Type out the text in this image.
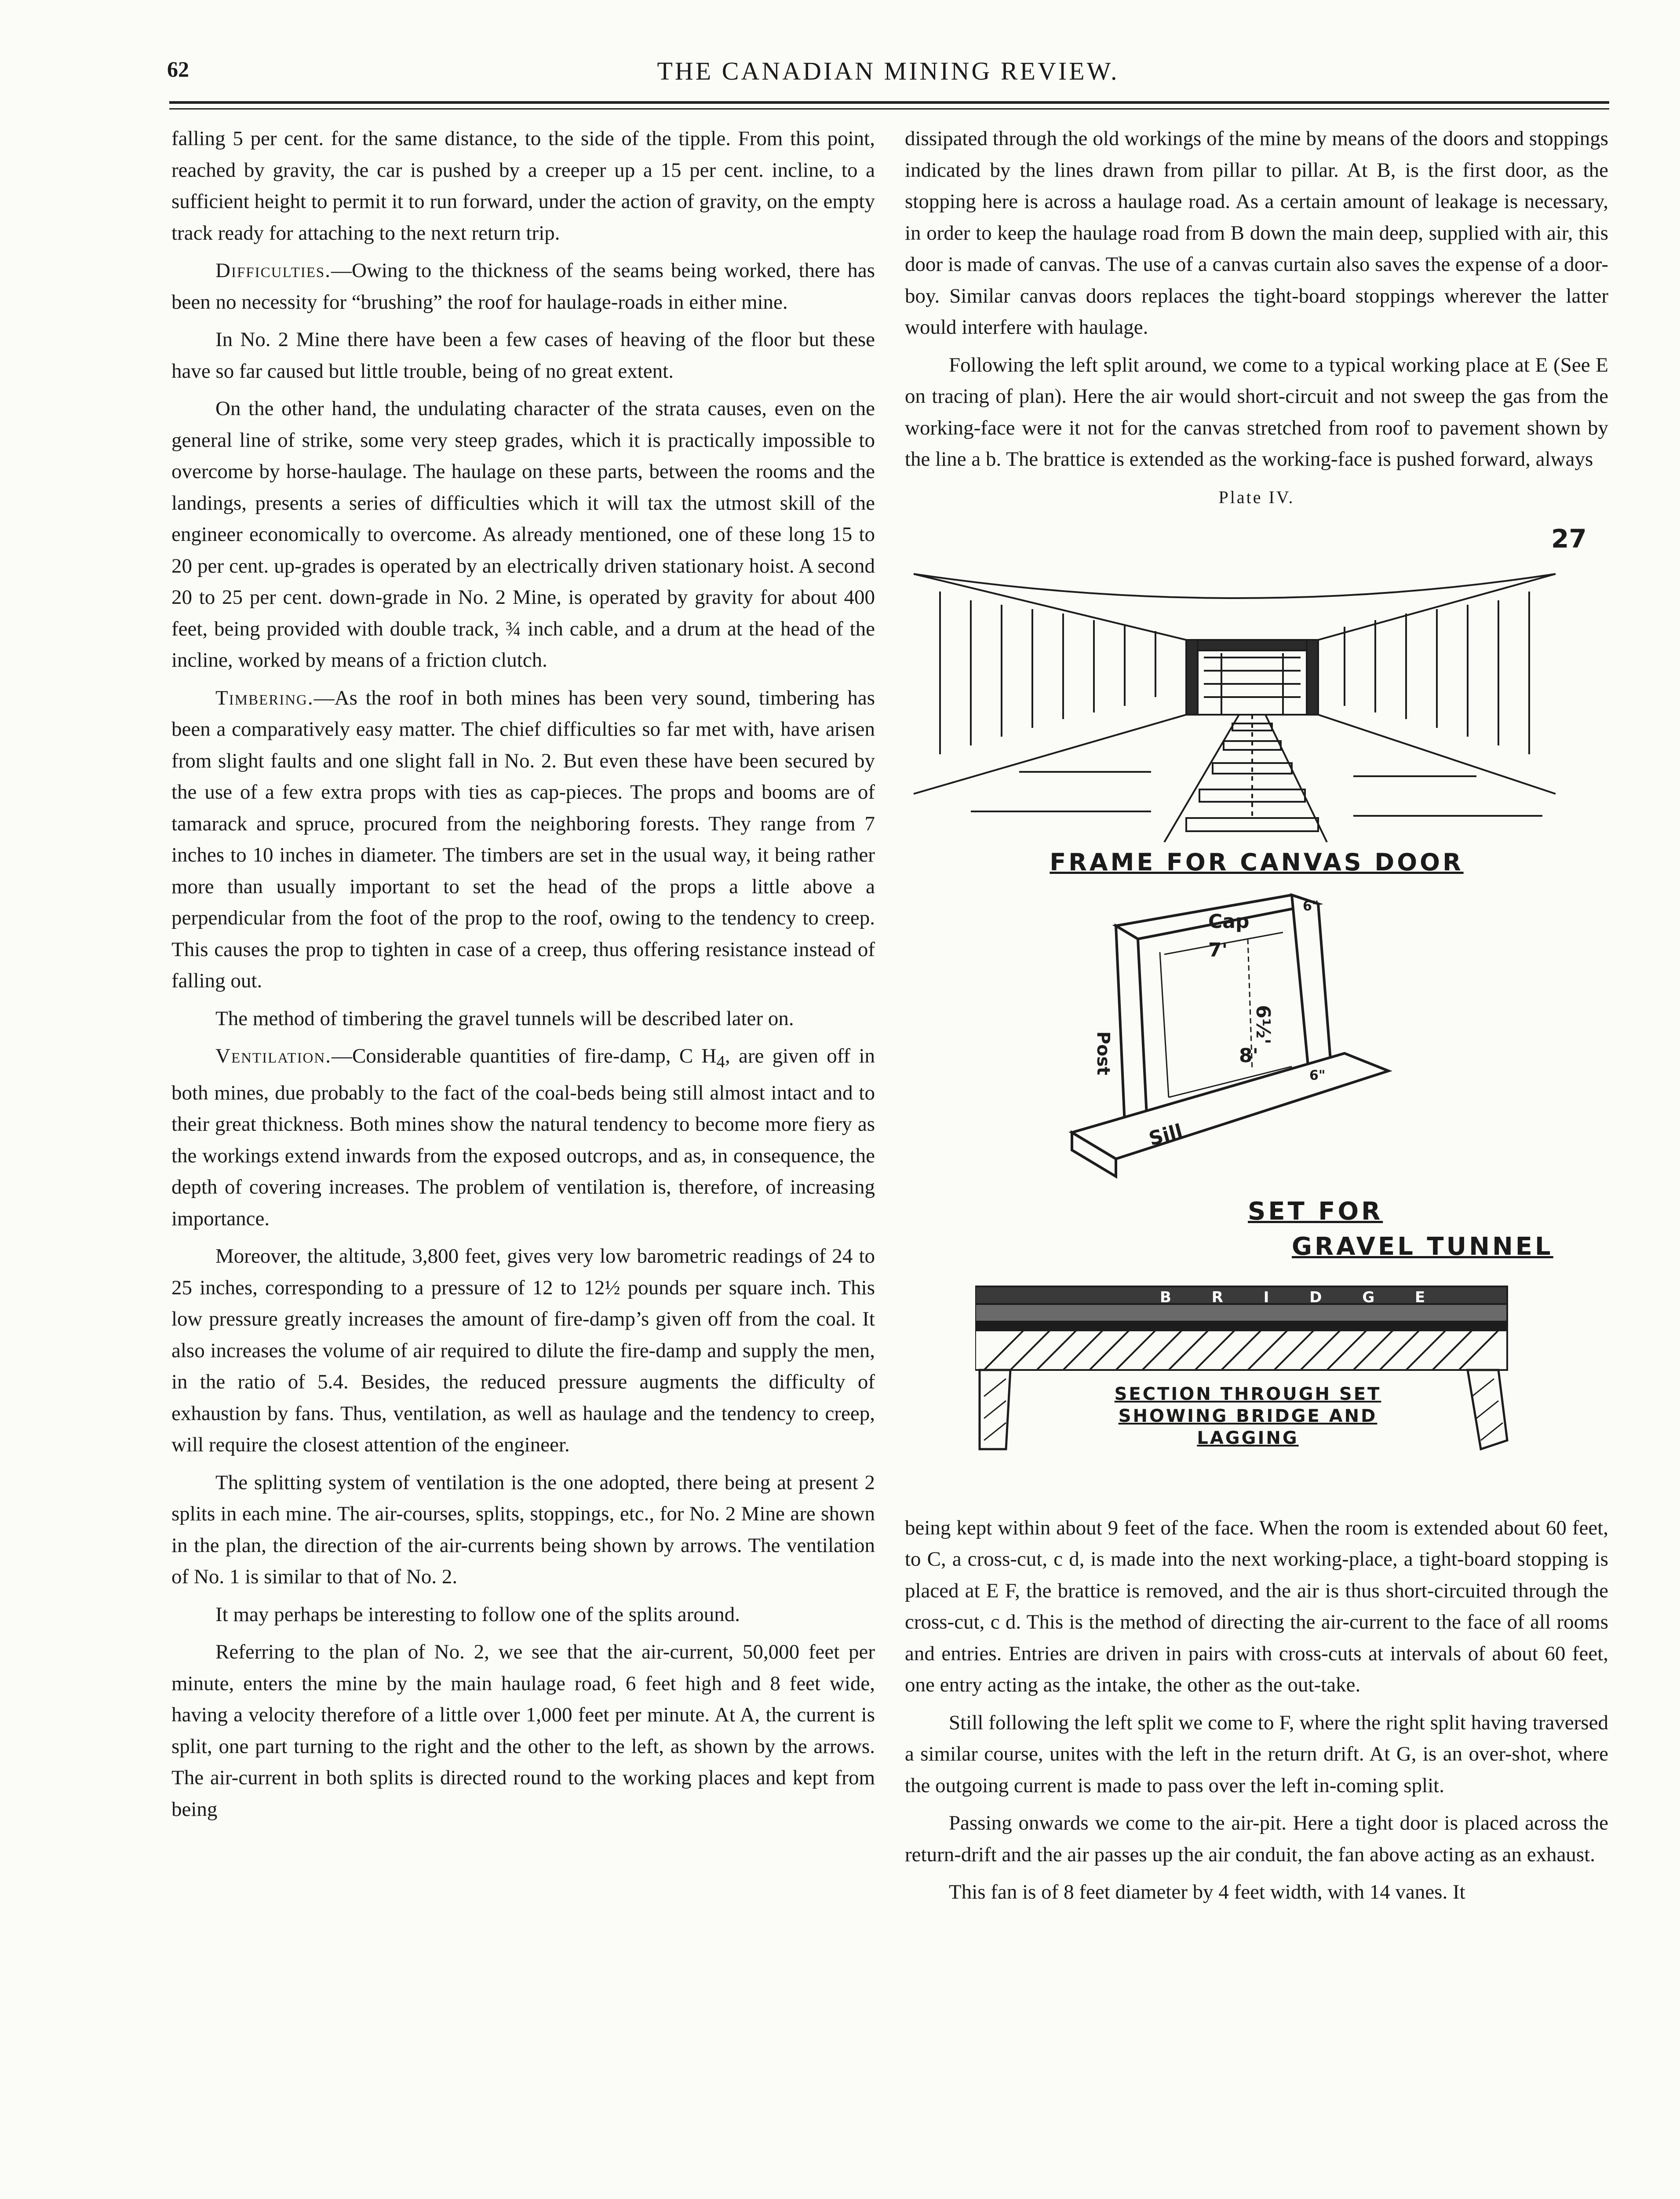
62	THE CANADIAN MINING REVIEW.

falling 5 per cent. for the same distance, to the side of the tipple. From this point, reached by gravity, the car is pushed by a creeper up a 15 per cent. incline, to a sufficient height to permit it to run forward, under the action of gravity, on the empty track ready for attaching to the next return trip.

Difficulties.—Owing to the thickness of the seams being worked, there has been no necessity for “brushing” the roof for haulage-roads in either mine.

In No. 2 Mine there have been a few cases of heaving of the floor but these have so far caused but little trouble, being of no great extent.

On the other hand, the undulating character of the strata causes, even on the general line of strike, some very steep grades, which it is practically impossible to overcome by horse-haulage. The haulage on these parts, between the rooms and the landings, presents a series of difficulties which it will tax the utmost skill of the engineer economically to overcome. As already mentioned, one of these long 15 to 20 per cent. up-grades is operated by an electrically driven stationary hoist. A second 20 to 25 per cent. down-grade in No. 2 Mine, is operated by gravity for about 400 feet, being provided with double track, ¾ inch cable, and a drum at the head of the incline, worked by means of a friction clutch.

Timbering.—As the roof in both mines has been very sound, timbering has been a comparatively easy matter. The chief difficulties so far met with, have arisen from slight faults and one slight fall in No. 2. But even these have been secured by the use of a few extra props with ties as cap-pieces. The props and booms are of tamarack and spruce, procured from the neighboring forests. They range from 7 inches to 10 inches in diameter. The timbers are set in the usual way, it being rather more than usually important to set the head of the props a little above a perpendicular from the foot of the prop to the roof, owing to the tendency to creep. This causes the prop to tighten in case of a creep, thus offering resistance instead of falling out.

The method of timbering the gravel tunnels will be described later on.

Ventilation.—Considerable quantities of fire-damp, C $H_4$, are given off in both mines, due probably to the fact of the coal-beds being still almost intact and to their great thickness. Both mines show the natural tendency to become more fiery as the workings extend inwards from the exposed outcrops, and as, in consequence, the depth of covering increases. The problem of ventilation is, therefore, of increasing importance.

Moreover, the altitude, 3,800 feet, gives very low barometric readings of 24 to 25 inches, corresponding to a pressure of 12 to 12½ pounds per square inch. This low pressure greatly increases the amount of fire-damp’s given off from the coal. It also increases the volume of air required to dilute the fire-damp and supply the men, in the ratio of 5.4. Besides, the reduced pressure augments the difficulty of exhaustion by fans. Thus, ventilation, as well as haulage and the tendency to creep, will require the closest attention of the engineer.

The splitting system of ventilation is the one adopted, there being at present 2 splits in each mine. The air-courses, splits, stoppings, etc., for No. 2 Mine are shown in the plan, the direction of the air-currents being shown by arrows. The ventilation of No. 1 is similar to that of No. 2.

It may perhaps be interesting to follow one of the splits around.

Referring to the plan of No. 2, we see that the air-current, 50,000 feet per minute, enters the mine by the main haulage road, 6 feet high and 8 feet wide, having a velocity therefore of a little over 1,000 feet per minute. At A, the current is split, one part turning to the right and the other to the left, as shown by the arrows. The air-current in both splits is directed round to the working places and kept from being

dissipated through the old workings of the mine by means of the doors and stoppings indicated by the lines drawn from pillar to pillar. At B, is the first door, as the stopping here is across a haulage road. As a certain amount of leakage is necessary, in order to keep the haulage road from B down the main deep, supplied with air, this door is made of canvas. The use of a canvas curtain also saves the expense of a door-boy. Similar canvas doors replaces the tight-board stoppings wherever the latter would interfere with haulage.

Following the left split around, we come to a typical working place at E (See E on tracing of plan). Here the air would short-circuit and not sweep the gas from the working-face were it not for the canvas stretched from roof to pavement shown by the line a b. The brattice is extended as the working-face is pushed forward, always

Plate IV.
27
FRAME FOR CANVAS DOOR
Cap
Post
Sill
7'
6½'
8'
6"
6"
SET FOR
GRAVEL TUNNEL
B R I D G E
SECTION THROUGH SET
SHOWING BRIDGE AND
LAGGING

being kept within about 9 feet of the face. When the room is extended about 60 feet, to C, a cross-cut, c d, is made into the next working-place, a tight-board stopping is placed at E F, the brattice is removed, and the air is thus short-circuited through the cross-cut, c d. This is the method of directing the air-current to the face of all rooms and entries. Entries are driven in pairs with cross-cuts at intervals of about 60 feet, one entry acting as the intake, the other as the out-take.

Still following the left split we come to F, where the right split having traversed a similar course, unites with the left in the return drift. At G, is an over-shot, where the outgoing current is made to pass over the left in-coming split.

Passing onwards we come to the air-pit. Here a tight door is placed across the return-drift and the air passes up the air conduit, the fan above acting as an exhaust.

This fan is of 8 feet diameter by 4 feet width, with 14 vanes. It
